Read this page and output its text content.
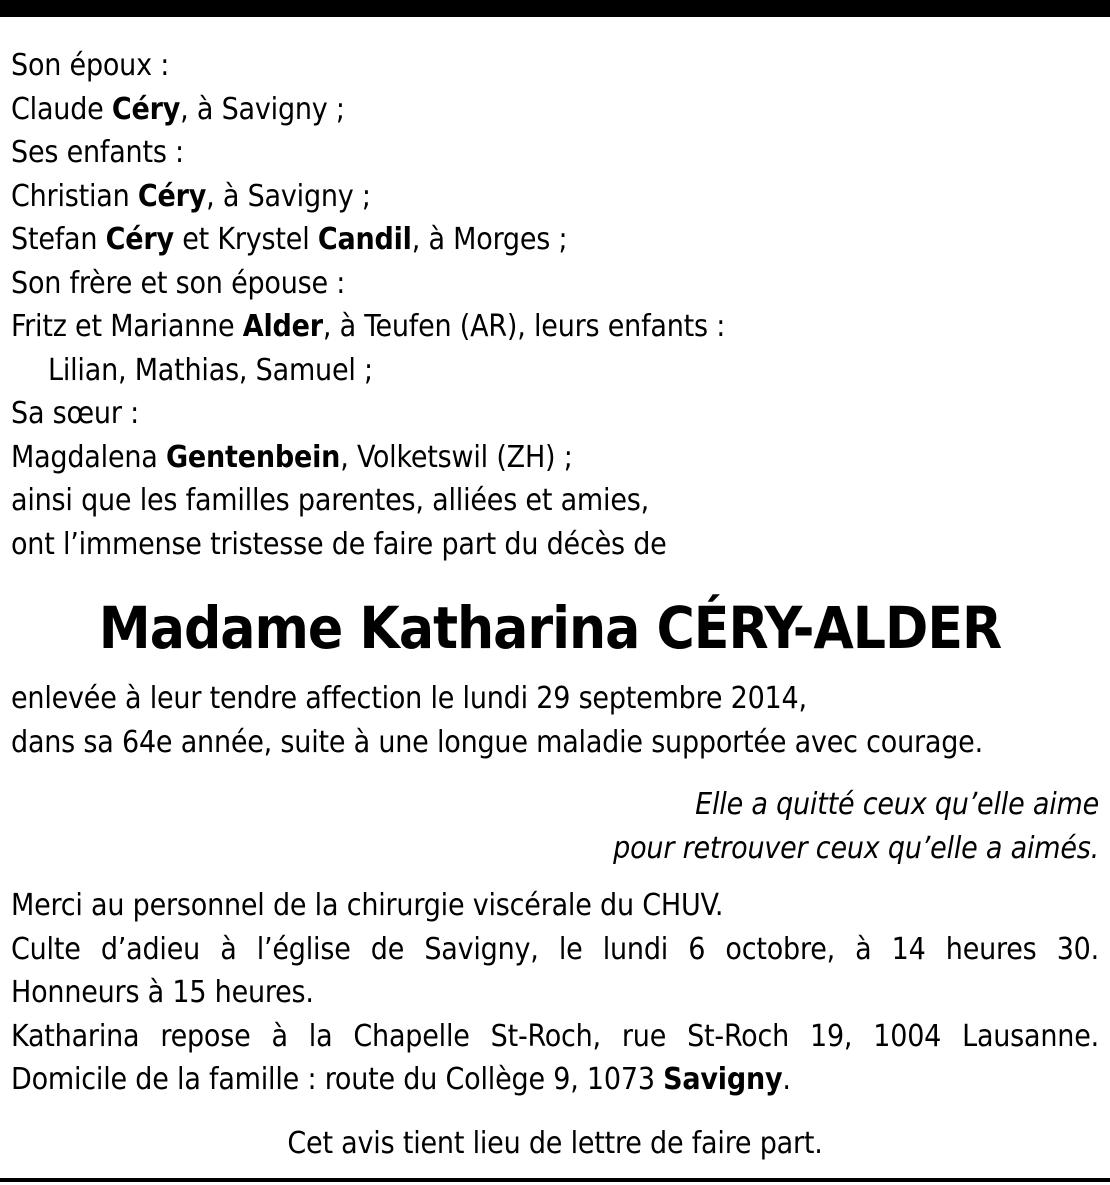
Son époux :
Claude Céry, à Savigny ;
Ses enfants :
Christian Céry, à Savigny ;
Stefan Céry et Krystel Candil, à Morges ;
Son frère et son épouse :
Fritz et Marianne Alder, à Teufen (AR), leurs enfants :
Lilian, Mathias, Samuel ;
Sa sœur :
Magdalena Gentenbein, Volketswil (ZH) ;
ainsi que les familles parentes, alliées et amies,
ont l’immense tristesse de faire part du décès de
Madame Katharina CÉRY-ALDER
enlevée à leur tendre affection le lundi 29 septembre 2014,
dans sa 64e année, suite à une longue maladie supportée avec courage.
Elle a quitté ceux qu’elle aime
pour retrouver ceux qu’elle a aimés.
Merci au personnel de la chirurgie viscérale du CHUV.
Culte d’adieu à l’église de Savigny, le lundi 6 octobre, à 14 heures 30.
Honneurs à 15 heures.
Katharina repose à la Chapelle St-Roch, rue St-Roch 19, 1004 Lausanne.
Domicile de la famille : route du Collège 9, 1073 Savigny.
Cet avis tient lieu de lettre de faire part.
